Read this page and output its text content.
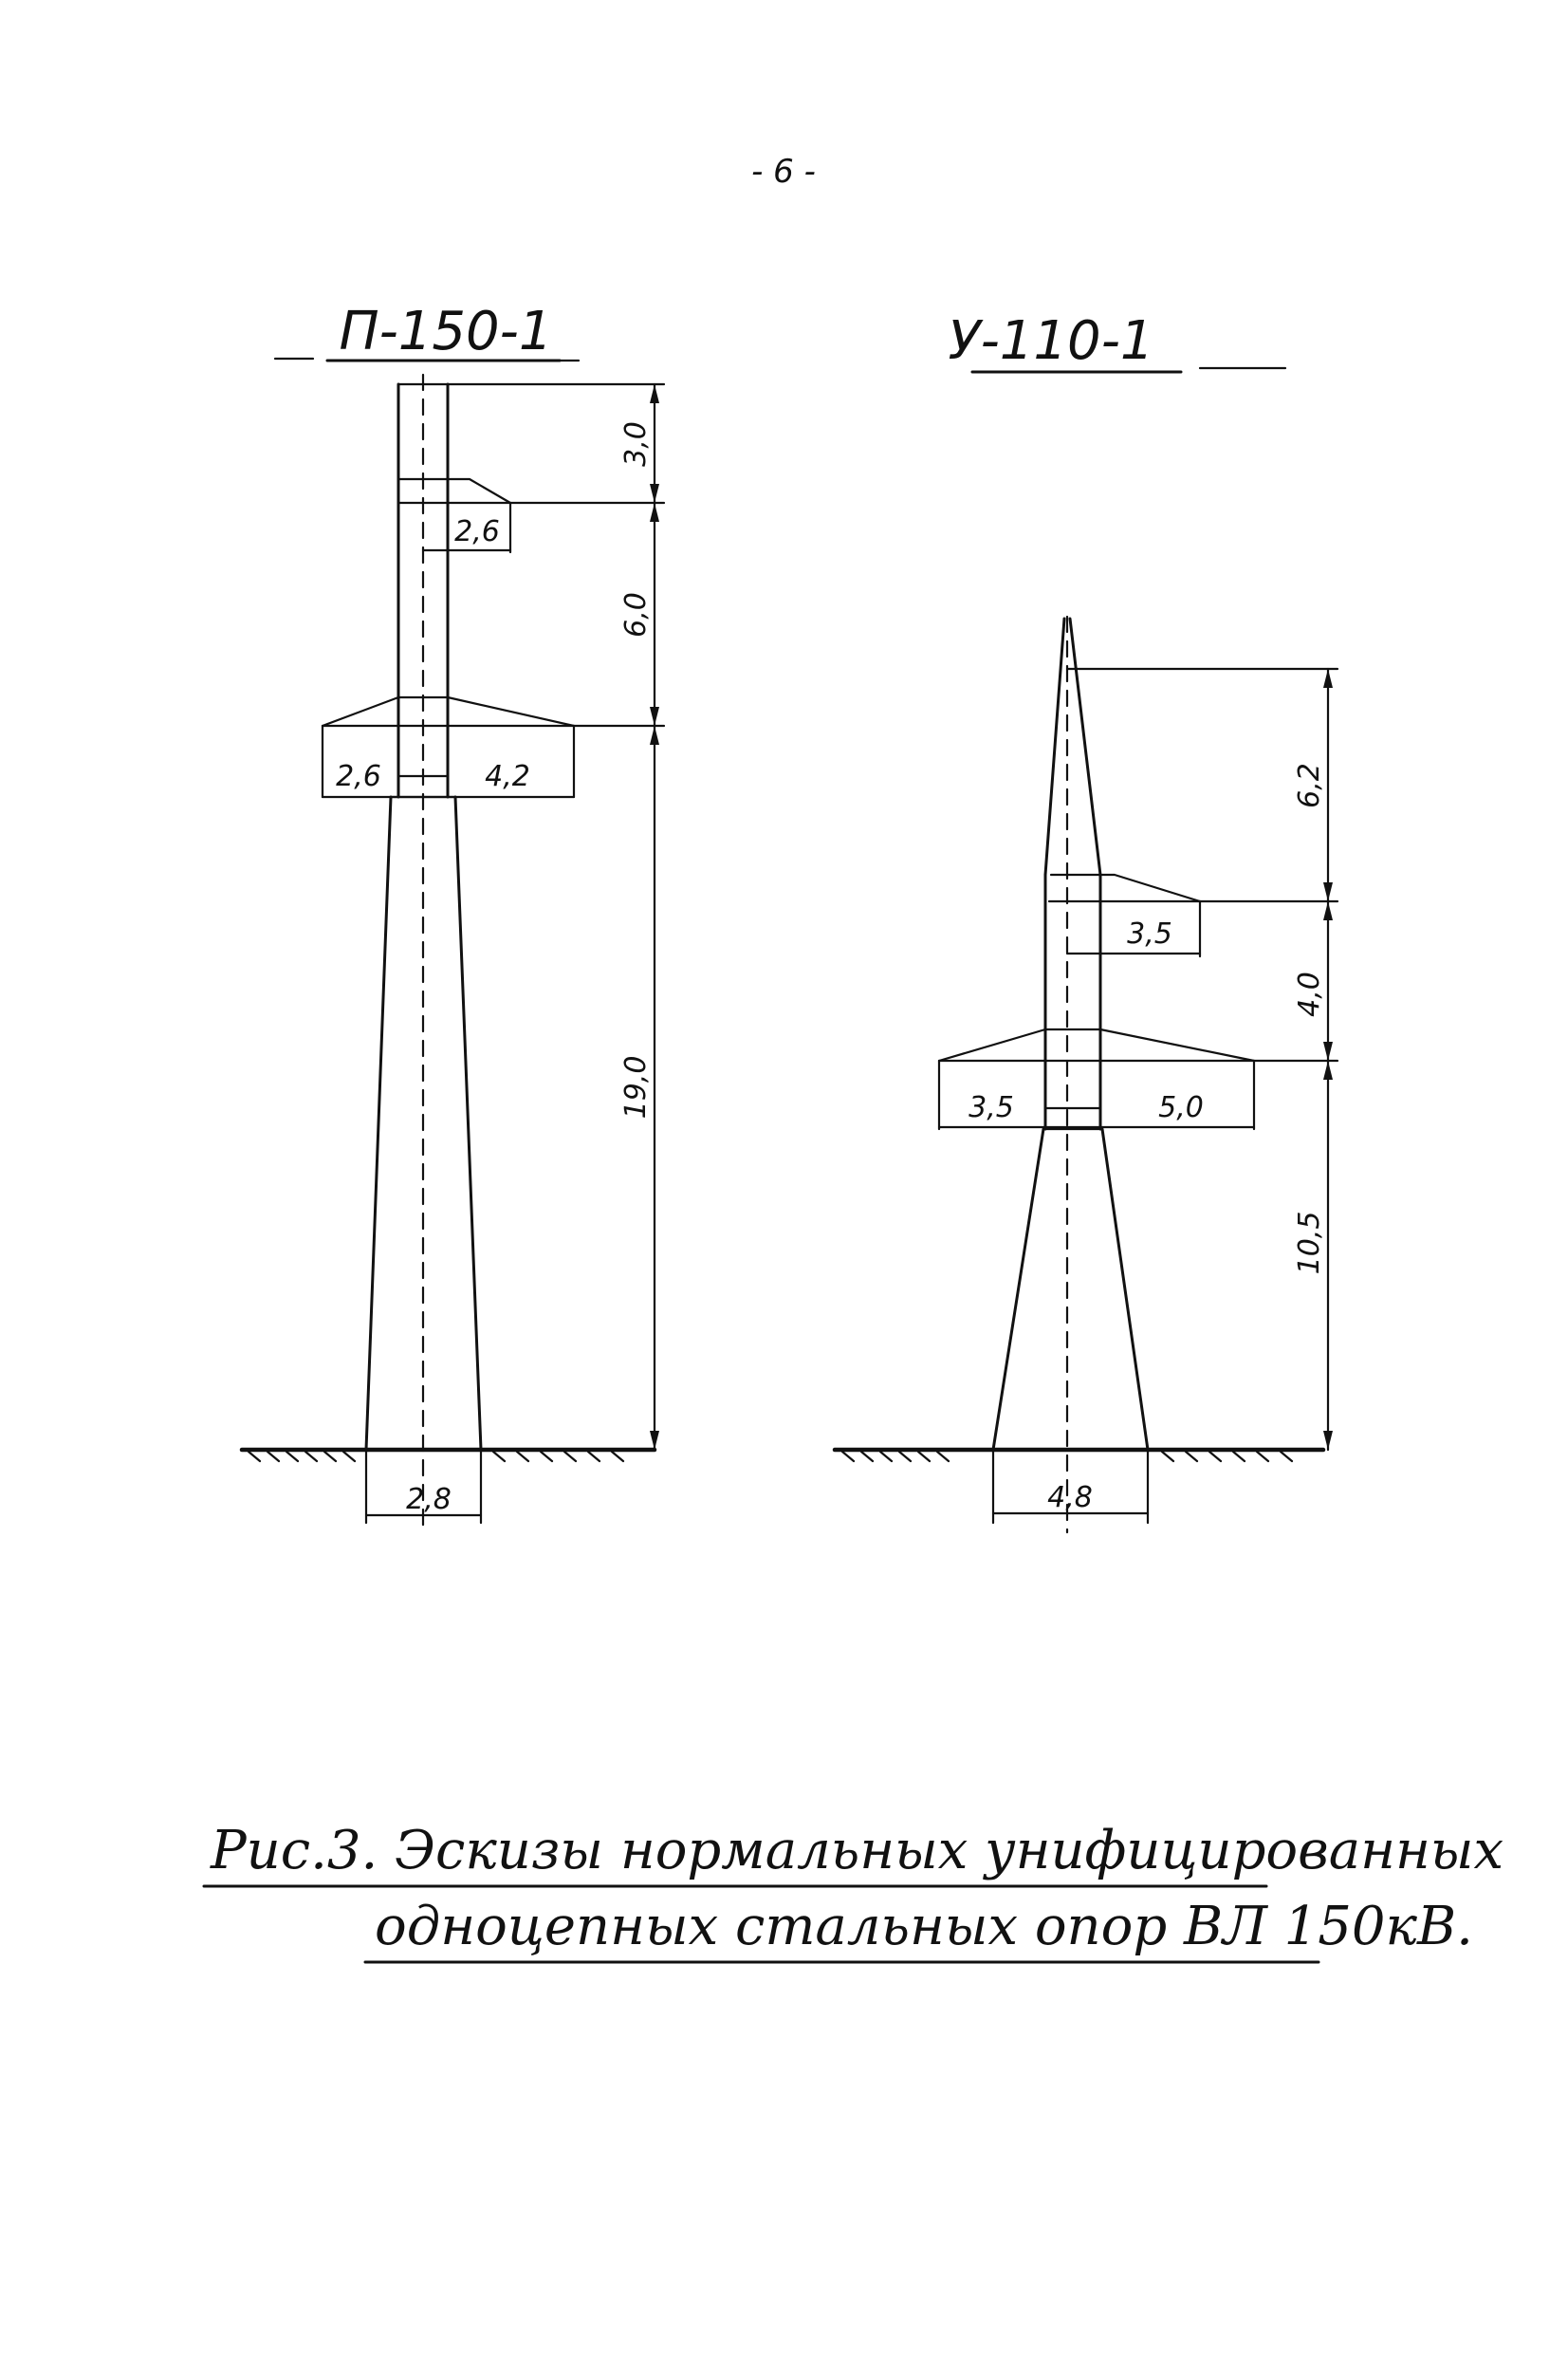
- 6 -
П-150-1
2,8
2,6
2,6	4,2
3,0
6,0
19,0
У-110-1
4,8
3,5
3,5	5,0
6,2
4,0
10,5
Рис.3. Эскизы нормальных унифицированных
одноцепных стальных опор ВЛ 150кВ.
